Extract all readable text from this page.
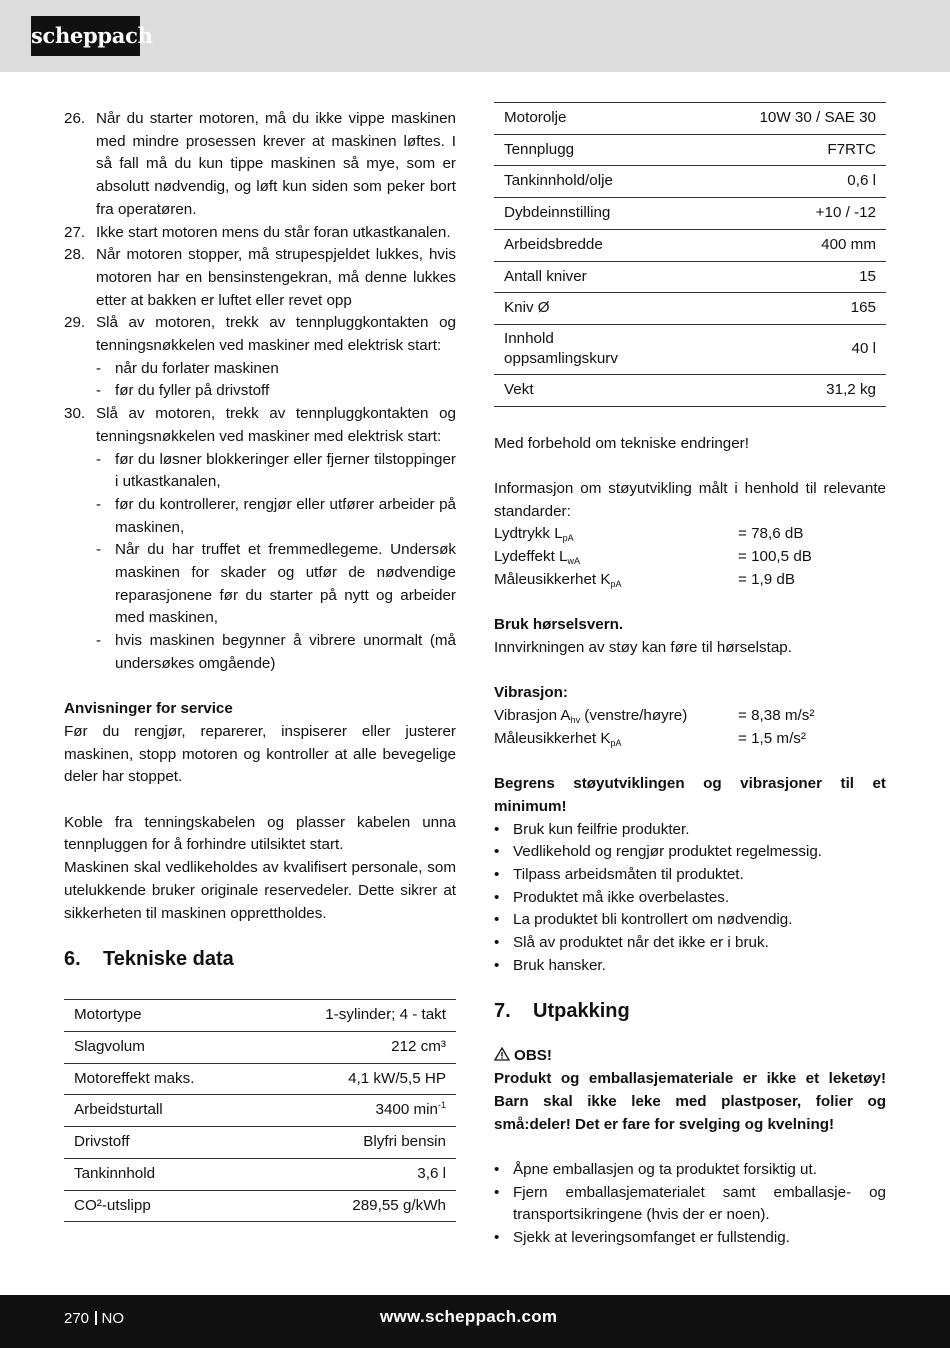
scheppach
26. Når du starter motoren, må du ikke vippe maskinen med mindre prosessen krever at maskinen løftes. I så fall må du kun tippe maskinen så mye, som er absolutt nødvendig, og løft kun siden som peker bort fra operatøren.
27. Ikke start motoren mens du står foran utkastkanalen.
28. Når motoren stopper, må strupespjeldet lukkes, hvis motoren har en bensinstengekran, må denne lukkes etter at bakken er luftet eller revet opp
29. Slå av motoren, trekk av tennpluggkontakten og tenningsnøkkelen ved maskiner med elektrisk start:
- når du forlater maskinen
- før du fyller på drivstoff
30. Slå av motoren, trekk av tennpluggkontakten og tenningsnøkkelen ved maskiner med elektrisk start:
- før du løsner blokkeringer eller fjerner tilstoppinger i utkastkanalen,
- før du kontrollerer, rengjør eller utfører arbeider på maskinen,
- Når du har truffet et fremmedlegeme. Undersøk maskinen for skader og utfør de nødvendige reparasjonene før du starter på nytt og arbeider med maskinen,
- hvis maskinen begynner å vibrere unormalt (må undersøkes omgående)
Anvisninger for service
Før du rengjør, reparerer, inspiserer eller justerer maskinen, stopp motoren og kontroller at alle bevegelige deler har stoppet.
Koble fra tenningskabelen og plasser kabelen unna tennpluggen for å forhindre utilsiktet start.
Maskinen skal vedlikeholdes av kvalifisert personale, som utelukkende bruker originale reservedeler. Dette sikrer at sikkerheten til maskinen opprettholdes.
6. Tekniske data
Motortype	1-sylinder; 4 - takt
Slagvolum	212 cm³
Motoreffekt maks.	4,1 kW/5,5 HP
Arbeidsturtall	3400 $\min^{-1}$
Drivstoff	Blyfri bensin
Tankinnhold	3,6 l
CO²-utslipp	289,55 g/kWh
Motorolje	10W 30 / SAE 30
Tennplugg	F7RTC
Tankinnhold/olje	0,6 l
Dybdeinnstilling	+10 / -12
Arbeidsbredde	400 mm
Antall kniver	15
Kniv Ø	165
Innhold oppsamlingskurv	40 l
Vekt	31,2 kg
Med forbehold om tekniske endringer!
Informasjon om støyutvikling målt i henhold til relevante standarder:
Lydtrykk $L_{pA}$	= 78,6 dB
Lydeffekt $L_{wA}$	= 100,5 dB
Måleusikkerhet $K_{pA}$	= 1,9 dB
Bruk hørselsvern.
Innvirkningen av støy kan føre til hørselstap.
Vibrasjon:
Vibrasjon $A_{hv}$ (venstre/høyre)	= 8,38 m/s²
Måleusikkerhet $K_{pA}$	= 1,5 m/s²
Begrens støyutviklingen og vibrasjoner til et minimum!
• Bruk kun feilfrie produkter.
• Vedlikehold og rengjør produktet regelmessig.
• Tilpass arbeidsmåten til produktet.
• Produktet må ikke overbelastes.
• La produktet bli kontrollert om nødvendig.
• Slå av produktet når det ikke er i bruk.
• Bruk hansker.
7. Utpakking
OBS!
Produkt og emballasjemateriale er ikke et leketøy! Barn skal ikke leke med plastposer, folier og små:deler! Det er fare for svelging og kvelning!
• Åpne emballasjen og ta produktet forsiktig ut.
• Fjern emballasjematerialet samt emballasje- og transportsikringene (hvis der er noen).
• Sjekk at leveringsomfanget er fullstendig.
270 NO	www.scheppach.com
